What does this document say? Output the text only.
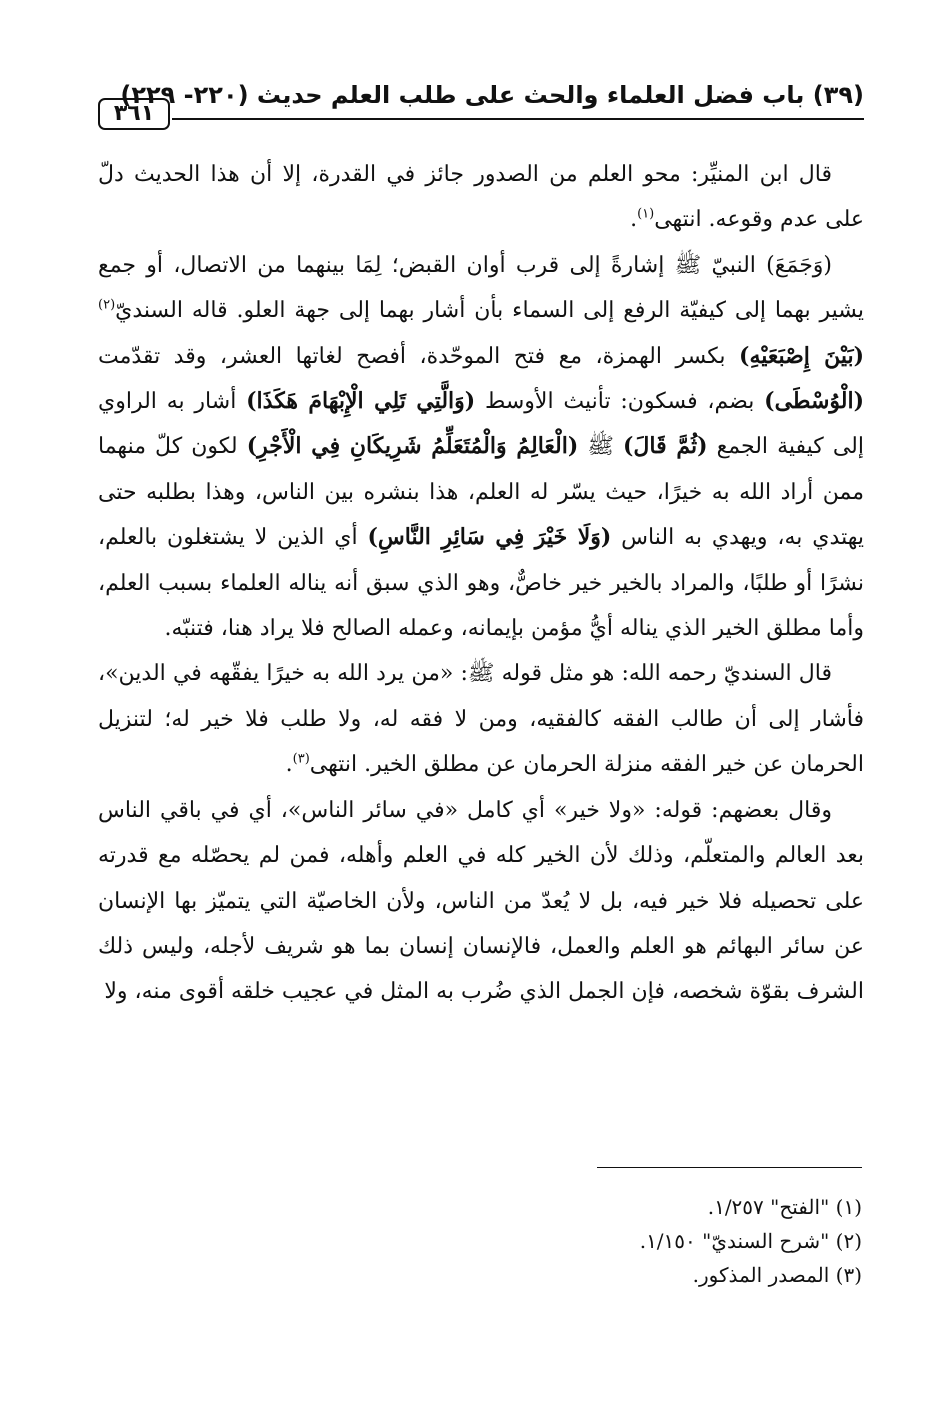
(٣٩) باب فضل العلماء والحث على طلب العلم حديث (٢٢٠- ٢٢٩)
٣٦١

قال ابن المنيِّر: محو العلم من الصدور جائز في القدرة، إلا أن هذا الحديث دلّ على عدم وقوعه. انتهى$^{(١)}$.

(وَجَمَعَ) النبيّ ﷺ إشارةً إلى قرب أوان القبض؛ لِمَا بينهما من الاتصال، أو جمع يشير بهما إلى كيفيّة الرفع إلى السماء بأن أشار بهما إلى جهة العلو. قاله السنديّ$^{(٢)}$(بَيْنَ إِصْبَعَيْهِ) بكسر الهمزة، مع فتح الموحّدة، أفصح لغاتها العشر، وقد تقدّمت (الْوُسْطَى) بضم، فسكون: تأنيث الأوسط (وَالَّتِي تَلِي الْإِبْهَامَ هَكَذَا) أشار به الراوي إلى كيفية الجمع (ثُمَّ قَالَ) ﷺ (الْعَالِمُ وَالْمُتَعَلِّمُ شَرِيكَانِ فِي الْأَجْرِ) لكون كلّ منهما ممن أراد الله به خيرًا، حيث يسّر له العلم، هذا بنشره بين الناس، وهذا بطلبه حتى يهتدي به، ويهدي به الناس (وَلَا خَيْرَ فِي سَائِرِ النَّاسِ) أي الذين لا يشتغلون بالعلم، نشرًا أو طلبًا، والمراد بالخير خير خاصٌّ، وهو الذي سبق أنه يناله العلماء بسبب العلم، وأما مطلق الخير الذي يناله أيُّ مؤمن بإيمانه، وعمله الصالح فلا يراد هنا، فتنبّه.

قال السنديّ رحمه الله: هو مثل قوله ﷺ: «من يرد الله به خيرًا يفقّهه في الدين»، فأشار إلى أن طالب الفقه كالفقيه، ومن لا فقه له، ولا طلب فلا خير له؛ لتنزيل الحرمان عن خير الفقه منزلة الحرمان عن مطلق الخير. انتهى$^{(٣)}$.

وقال بعضهم: قوله: «ولا خير» أي كامل «في سائر الناس»، أي في باقي الناس بعد العالم والمتعلّم، وذلك لأن الخير كله في العلم وأهله، فمن لم يحصّله مع قدرته على تحصيله فلا خير فيه، بل لا يُعدّ من الناس، ولأن الخاصيّة التي يتميّز بها الإنسان عن سائر البهائم هو العلم والعمل، فالإنسان إنسان بما هو شريف لأجله، وليس ذلك الشرف بقوّة شخصه، فإن الجمل الذي ضُرب به المثل في عجيب خلقه أقوى منه، ولا

(١) "الفتح" ١/٢٥٧.
(٢) "شرح السنديّ" ١/١٥٠.
(٣) المصدر المذكور.
